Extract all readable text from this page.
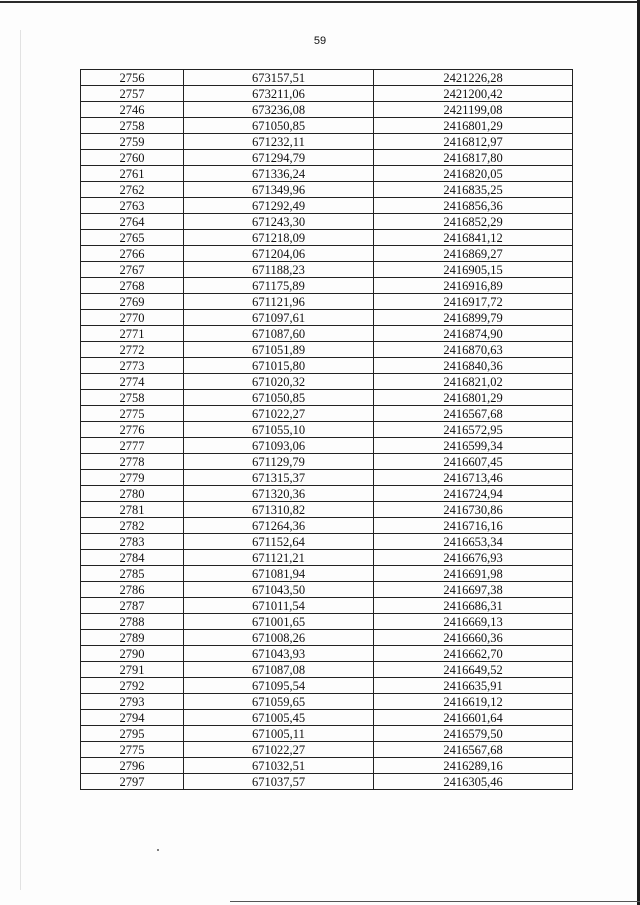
59
2756	673157,51	2421226,28
2757	673211,06	2421200,42
2746	673236,08	2421199,08
2758	671050,85	2416801,29
2759	671232,11	2416812,97
2760	671294,79	2416817,80
2761	671336,24	2416820,05
2762	671349,96	2416835,25
2763	671292,49	2416856,36
2764	671243,30	2416852,29
2765	671218,09	2416841,12
2766	671204,06	2416869,27
2767	671188,23	2416905,15
2768	671175,89	2416916,89
2769	671121,96	2416917,72
2770	671097,61	2416899,79
2771	671087,60	2416874,90
2772	671051,89	2416870,63
2773	671015,80	2416840,36
2774	671020,32	2416821,02
2758	671050,85	2416801,29
2775	671022,27	2416567,68
2776	671055,10	2416572,95
2777	671093,06	2416599,34
2778	671129,79	2416607,45
2779	671315,37	2416713,46
2780	671320,36	2416724,94
2781	671310,82	2416730,86
2782	671264,36	2416716,16
2783	671152,64	2416653,34
2784	671121,21	2416676,93
2785	671081,94	2416691,98
2786	671043,50	2416697,38
2787	671011,54	2416686,31
2788	671001,65	2416669,13
2789	671008,26	2416660,36
2790	671043,93	2416662,70
2791	671087,08	2416649,52
2792	671095,54	2416635,91
2793	671059,65	2416619,12
2794	671005,45	2416601,64
2795	671005,11	2416579,50
2775	671022,27	2416567,68
2796	671032,51	2416289,16
2797	671037,57	2416305,46
